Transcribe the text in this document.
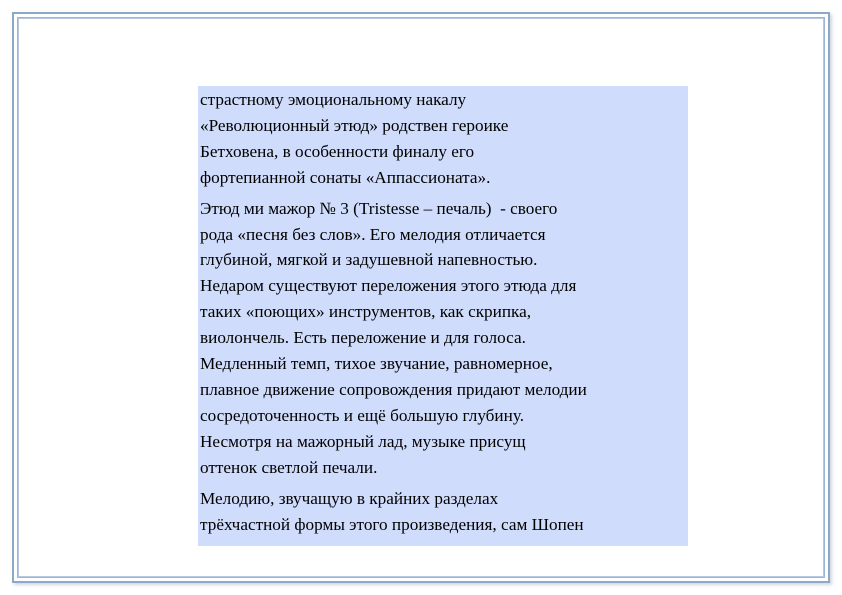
страстному эмоциональному накалу
«Революционный этюд» родствен героике
Бетховена, в особенности финалу его
фортепианной сонаты «Аппассионата».

Этюд ми мажор № 3 (Tristesse – печаль)  - своего
рода «песня без слов». Его мелодия отличается
глубиной, мягкой и задушевной напевностью.
Недаром существуют переложения этого этюда для
таких «поющих» инструментов, как скрипка,
виолончель. Есть переложение и для голоса.
Медленный темп, тихое звучание, равномерное,
плавное движение сопровождения придают мелодии
сосредоточенность и ещё большую глубину.
Несмотря на мажорный лад, музыке присущ
оттенок светлой печали.

Мелодию, звучащую в крайних разделах
трёхчастной формы этого произведения, сам Шопен
